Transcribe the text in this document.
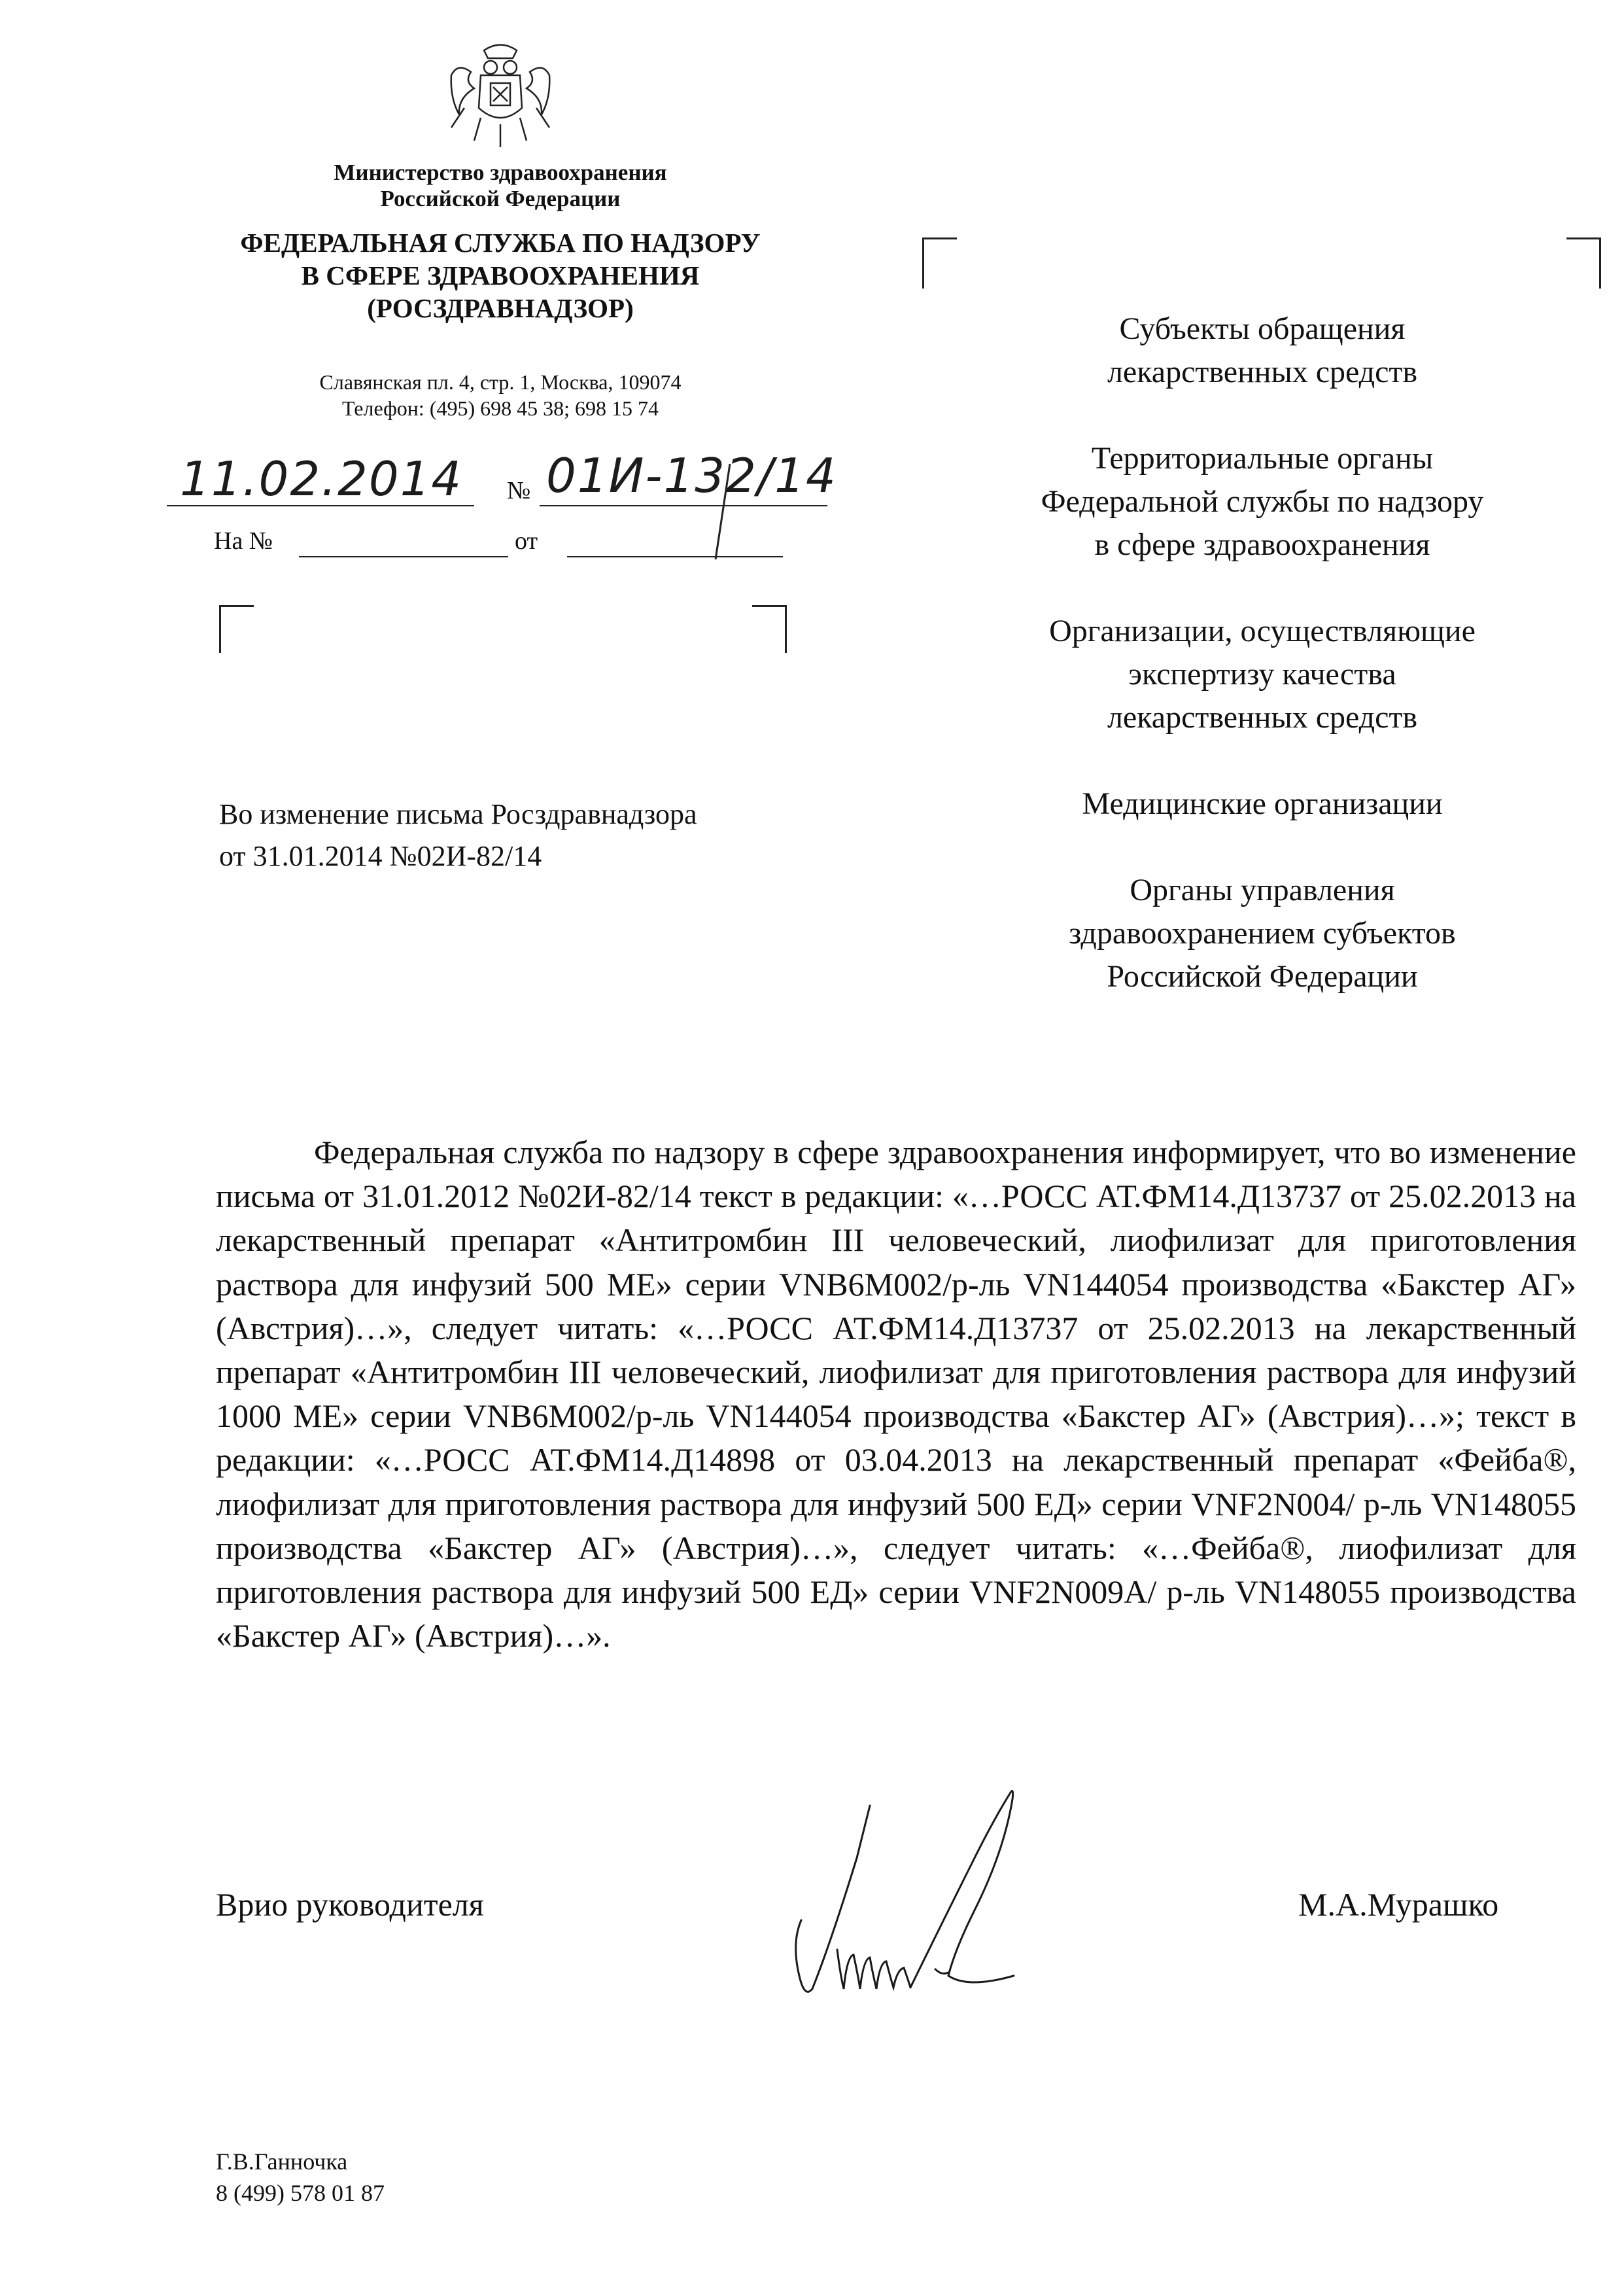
Министерство здравоохранения
Российской Федерации
ФЕДЕРАЛЬНАЯ СЛУЖБА ПО НАДЗОРУ
В СФЕРЕ ЗДРАВООХРАНЕНИЯ
(РОСЗДРАВНАДЗОР)
Славянская пл. 4, стр. 1, Москва, 109074
Телефон: (495) 698 45 38; 698 15 74
11.02.2014 № 01И-132/14
На №	от
Во изменение письма Росздравнадзора
от 31.01.2014 №02И-82/14
Субъекты обращения
лекарственных средств
Территориальные органы
Федеральной службы по надзору
в сфере здравоохранения
Организации, осуществляющие
экспертизу качества
лекарственных средств
Медицинские организации
Органы управления
здравоохранением субъектов
Российской Федерации

Федеральная служба по надзору в сфере здравоохранения информирует, что во изменение письма от 31.01.2012 №02И-82/14 текст в редакции: «…РОСС АТ.ФМ14.Д13737 от 25.02.2013 на лекарственный препарат «Антитромбин III человеческий, лиофилизат для приготовления раствора для инфузий 500 МЕ» серии VNB6M002/р-ль VN144054 производства «Бакстер АГ» (Австрия)…», следует читать: «…РОСС АТ.ФМ14.Д13737 от 25.02.2013 на лекарственный препарат «Антитромбин III человеческий, лиофилизат для приготовления раствора для инфузий 1000 МЕ» серии VNB6M002/р-ль VN144054 производства «Бакстер АГ» (Австрия)…»; текст в редакции: «…РОСС АТ.ФМ14.Д14898 от 03.04.2013 на лекарственный препарат «Фейба®, лиофилизат для приготовления раствора для инфузий 500 ЕД» серии VNF2N004/ р-ль VN148055 производства «Бакстер АГ» (Австрия)…», следует читать: «…Фейба®, лиофилизат для приготовления раствора для инфузий 500 ЕД» серии VNF2N009A/ р-ль VN148055 производства «Бакстер АГ» (Австрия)…».

Врио руководителя	М.А.Мурашко
Г.В.Ганночка
8 (499) 578 01 87
